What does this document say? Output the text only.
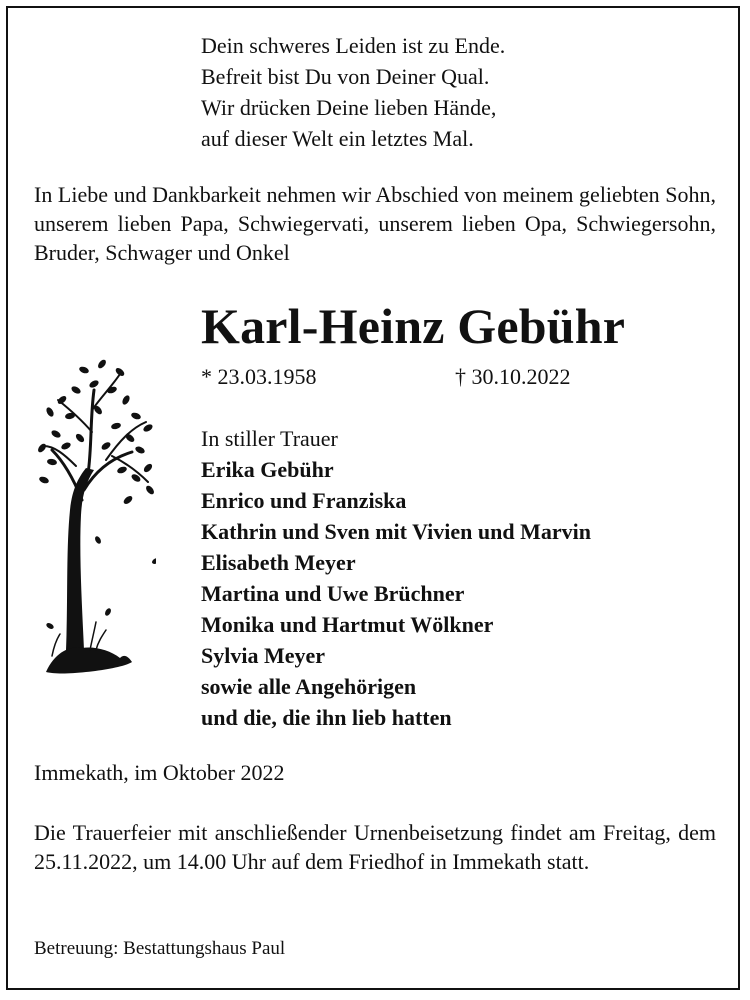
Dein schweres Leiden ist zu Ende.
Befreit bist Du von Deiner Qual.
Wir drücken Deine lieben Hände,
auf dieser Welt ein letztes Mal.
In Liebe und Dankbarkeit nehmen wir Abschied von meinem geliebten Sohn, unserem lieben Papa, Schwiegervati, unserem lieben Opa, Schwiegersohn, Bruder, Schwager und Onkel
Karl-Heinz Gebühr
* 23.03.1958	† 30.10.2022
In stiller Trauer
Erika Gebühr
Enrico und Franziska
Kathrin und Sven mit Vivien und Marvin
Elisabeth Meyer
Martina und Uwe Brüchner
Monika und Hartmut Wölkner
Sylvia Meyer
sowie alle Angehörigen
und die, die ihn lieb hatten
Immekath, im Oktober 2022
Die Trauerfeier mit anschließender Urnenbeisetzung findet am Freitag, dem 25.11.2022, um 14.00 Uhr auf dem Friedhof in Immekath statt.
Betreuung: Bestattungshaus Paul
